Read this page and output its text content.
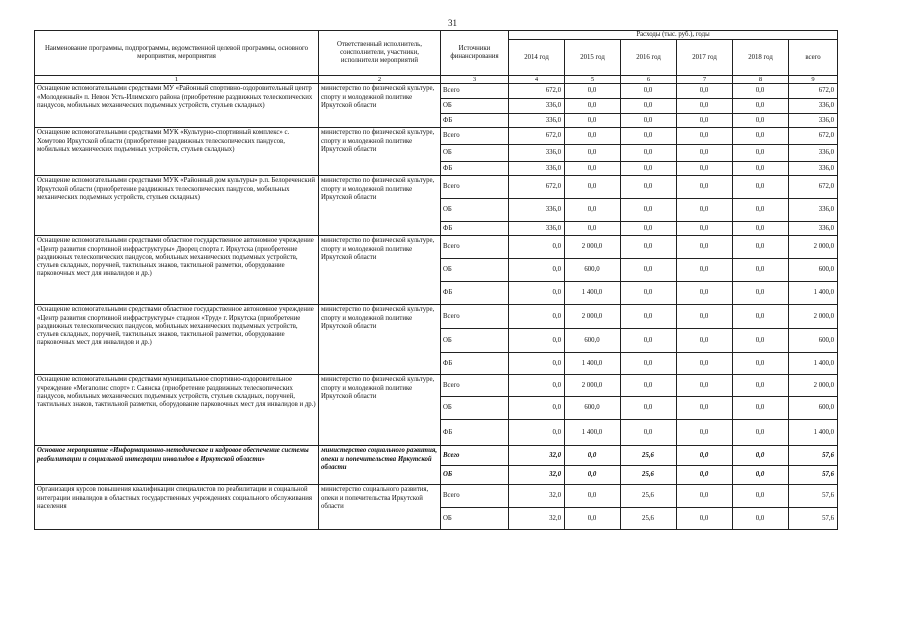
31
Наименование программы, подпрограммы, ведомственной целевой программы, основного мероприятия, мероприятия	Ответственный исполнитель, соисполнители, участники, исполнители мероприятий	Источники финансирования	Расходы (тыс. руб.), годы					
			2014 год	2015 год	2016 год	2017 год	2018 год	всего
1	2	3	4	5	6	7	8	9
Оснащение вспомогательными средствами МУ «Районный спортивно-оздоровительный центр «Молодежный» п. Невон Усть-Илимского района (приобретение раздвижных телескопических пандусов, мобильных механических подъемных устройств, стульев складных)	министерство по физической культуре, спорту и молодежной политике Иркутской области	Всего	672,0	0,0	0,0	0,0	0,0	672,0
		ОБ	336,0	0,0	0,0	0,0	0,0	336,0
		ФБ	336,0	0,0	0,0	0,0	0,0	336,0
Оснащение вспомогательными средствами МУК «Культурно-спортивный комплекс» с. Хомутово Иркутской области (приобретение раздвижных телескопических пандусов, мобильных механических подъемных устройств, стульев складных)	министерство по физической культуре, спорту и молодежной политике Иркутской области	Всего	672,0	0,0	0,0	0,0	0,0	672,0
		ОБ	336,0	0,0	0,0	0,0	0,0	336,0
		ФБ	336,0	0,0	0,0	0,0	0,0	336,0
Оснащение вспомогательными средствами МУК «Районный дом культуры» р.п. Белореченский Иркутской области (приобретение раздвижных телескопических пандусов, мобильных механических подъемных устройств, стульев складных)	министерство по физической культуре, спорту и молодежной политике Иркутской области	Всего	672,0	0,0	0,0	0,0	0,0	672,0
		ОБ	336,0	0,0	0,0	0,0	0,0	336,0
		ФБ	336,0	0,0	0,0	0,0	0,0	336,0
Оснащение вспомогательными средствами областное государственное автономное учреждение «Центр развития спортивной инфраструктуры» Дворец спорта г. Иркутска (приобретение раздвижных телескопических пандусов, мобильных механических подъемных устройств, стульев складных, поручней, тактильных знаков, тактильной разметки, оборудование парковочных мест для инвалидов и др.)	министерство по физической культуре, спорту и молодежной политике Иркутской области	Всего	0,0	2 000,0	0,0	0,0	0,0	2 000,0
		ОБ	0,0	600,0	0,0	0,0	0,0	600,0
		ФБ	0,0	1 400,0	0,0	0,0	0,0	1 400,0
Оснащение вспомогательными средствами областное государственное автономное учреждение «Центр развития спортивной инфраструктуры» стадион «Труд» г. Иркутска (приобретение раздвижных телескопических пандусов, мобильных механических подъемных устройств, стульев складных, поручней, тактильных знаков, тактильной разметки, оборудование парковочных мест для инвалидов и др.)	министерство по физической культуре, спорту и молодежной политике Иркутской области	Всего	0,0	2 000,0	0,0	0,0	0,0	2 000,0
		ОБ	0,0	600,0	0,0	0,0	0,0	600,0
		ФБ	0,0	1 400,0	0,0	0,0	0,0	1 400,0
Оснащение вспомогательными средствами муниципальное спортивно-оздоровительное учреждение «Мегаполис спорт» г. Саянска (приобретение раздвижных телескопических пандусов, мобильных механических подъемных устройств, стульев складных, поручней, тактильных знаков, тактильной разметки, оборудование парковочных мест для инвалидов и др.)	министерство по физической культуре, спорту и молодежной политике Иркутской области	Всего	0,0	2 000,0	0,0	0,0	0,0	2 000,0
		ОБ	0,0	600,0	0,0	0,0	0,0	600,0
		ФБ	0,0	1 400,0	0,0	0,0	0,0	1 400,0
Основное мероприятие «Информационно-методическое и кадровое обеспечение системы реабилитации и социальной интеграции инвалидов в Иркутской области»	министерство социального развития, опеки и попечительства Иркутской области	Всего	32,0	0,0	25,6	0,0	0,0	57,6
		ОБ	32,0	0,0	25,6	0,0	0,0	57,6
Организация курсов повышения квалификации специалистов по реабилитации и социальной интеграции инвалидов в областных государственных учреждениях социального обслуживания населения	министерство социального развития, опеки и попечительства Иркутской области	Всего	32,0	0,0	25,6	0,0	0,0	57,6
		ОБ	32,0	0,0	25,6	0,0	0,0	57,6
